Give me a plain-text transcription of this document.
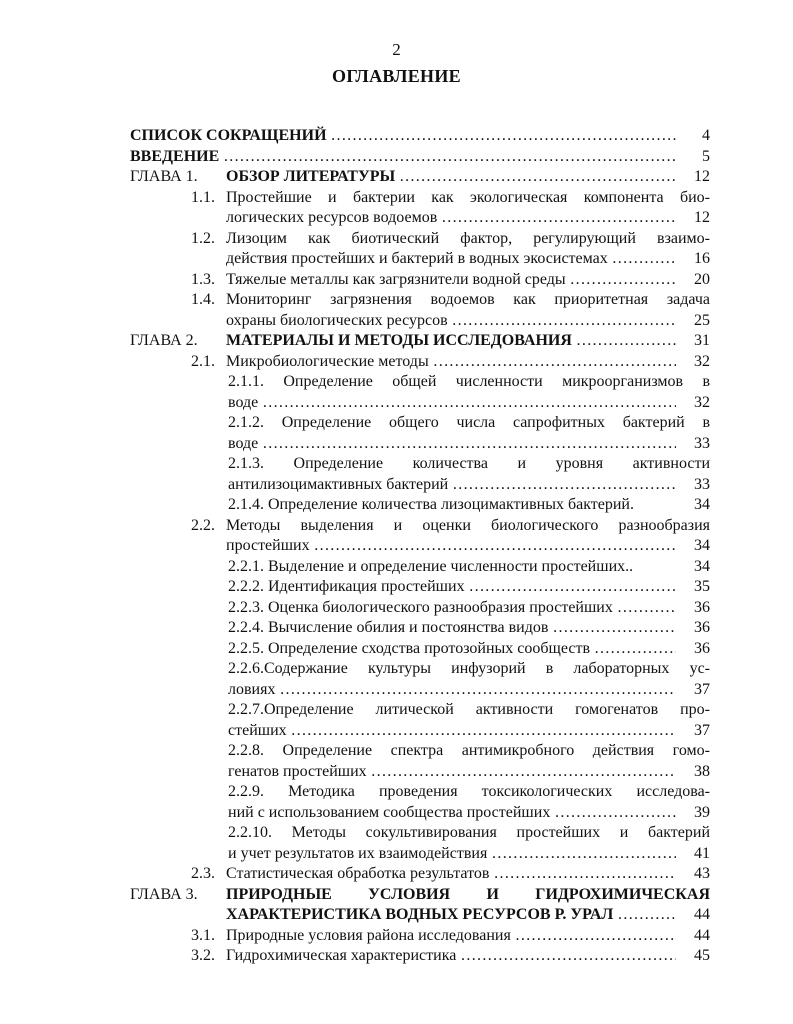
2
ОГЛАВЛЕНИЕ
СПИСОК СОКРАЩЕНИЙ ……………………………………………………………………………………………………………………	4
ВВЕДЕНИЕ ……………………………………………………………………………………………………………………	5
ГЛАВА 1.	ОБЗОР ЛИТЕРАТУРЫ ……………………………………………………………………………………………………………………	12
1.1. Простейшие и бактерии как экологическая компонента био-
логических ресурсов водоемов ……………………………………………………………………………………………………………………	12
1.2. Лизоцим как биотический фактор, регулирующий взаимо-
действия простейших и бактерий в водных экосистемах ……………………………………………………………………………………………………………………	16
1.3. Тяжелые металлы как загрязнители водной среды ……………………………………………………………………………………………………………………	20
1.4. Мониторинг загрязнения водоемов как приоритетная задача
охраны биологических ресурсов ……………………………………………………………………………………………………………………	25
ГЛАВА 2.	МАТЕРИАЛЫ И МЕТОДЫ ИССЛЕДОВАНИЯ ……………………………………………………………………………………………………………………	31
2.1. Микробиологические методы ……………………………………………………………………………………………………………………	32
2.1.1. Определение общей численности микроорганизмов в
воде ……………………………………………………………………………………………………………………	32
2.1.2. Определение общего числа сапрофитных бактерий в
воде ……………………………………………………………………………………………………………………	33
2.1.3. Определение количества и уровня активности
антилизоцимактивных бактерий ……………………………………………………………………………………………………………………	33
2.1.4. Определение количества лизоцимактивных бактерий.	34
2.2. Методы выделения и оценки биологического разнообразия
простейших ……………………………………………………………………………………………………………………	34
2.2.1. Выделение и определение численности простейших..	34
2.2.2. Идентификация простейших ……………………………………………………………………………………………………………………	35
2.2.3. Оценка биологического разнообразия простейших ……………………………………………………………………………………………………………………	36
2.2.4. Вычисление обилия и постоянства видов ……………………………………………………………………………………………………………………	36
2.2.5. Определение сходства протозойных сообществ ……………………………………………………………………………………………………………………	36
2.2.6.Содержание культуры инфузорий в лабораторных ус-
ловиях ……………………………………………………………………………………………………………………	37
2.2.7.Определение литической активности гомогенатов про-
стейших ……………………………………………………………………………………………………………………	37
2.2.8. Определение спектра антимикробного действия гомо-
генатов простейших ……………………………………………………………………………………………………………………	38
2.2.9. Методика проведения токсикологических исследова-
ний с использованием сообщества простейших ……………………………………………………………………………………………………………………	39
2.2.10. Методы сокультивирования простейших и бактерий
и учет результатов их взаимодействия ……………………………………………………………………………………………………………………	41
2.3. Статистическая обработка результатов ……………………………………………………………………………………………………………………	43
ГЛАВА 3.	ПРИРОДНЫЕ УСЛОВИЯ И ГИДРОХИМИЧЕСКАЯ
ХАРАКТЕРИСТИКА ВОДНЫХ РЕСУРСОВ Р. УРАЛ ……………………………………………………………………………………………………………………	44
3.1. Природные условия района исследования ……………………………………………………………………………………………………………………	44
3.2. Гидрохимическая характеристика ……………………………………………………………………………………………………………………	45
